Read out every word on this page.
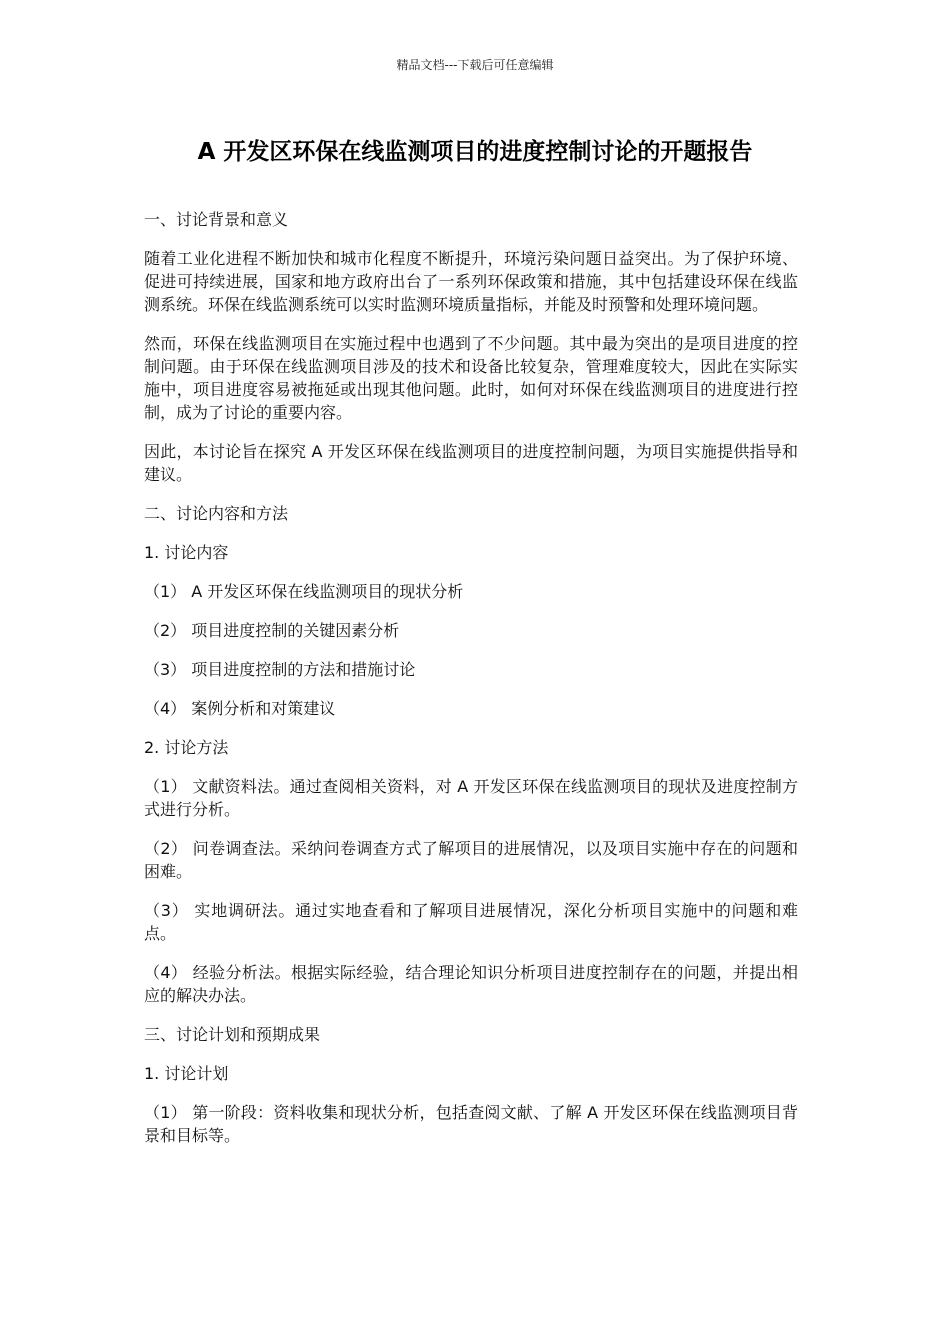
精品文档---下载后可任意编辑
A 开发区环保在线监测项目的进度控制讨论的开题报告

一、讨论背景和意义

随着工业化进程不断加快和城市化程度不断提升，环境污染问题日益突出。为了保护环境、促进可持续进展，国家和地方政府出台了一系列环保政策和措施，其中包括建设环保在线监测系统。环保在线监测系统可以实时监测环境质量指标，并能及时预警和处理环境问题。

然而，环保在线监测项目在实施过程中也遇到了不少问题。其中最为突出的是项目进度的控制问题。由于环保在线监测项目涉及的技术和设备比较复杂，管理难度较大，因此在实际实施中，项目进度容易被拖延或出现其他问题。此时，如何对环保在线监测项目的进度进行控制，成为了讨论的重要内容。

因此，本讨论旨在探究 A 开发区环保在线监测项目的进度控制问题，为项目实施提供指导和建议。

二、讨论内容和方法

1. 讨论内容

（1） A 开发区环保在线监测项目的现状分析

（2） 项目进度控制的关键因素分析

（3） 项目进度控制的方法和措施讨论

（4） 案例分析和对策建议

2. 讨论方法

（1） 文献资料法。通过查阅相关资料，对 A 开发区环保在线监测项目的现状及进度控制方式进行分析。

（2） 问卷调查法。采纳问卷调查方式了解项目的进展情况，以及项目实施中存在的问题和困难。

（3） 实地调研法。通过实地查看和了解项目进展情况，深化分析项目实施中的问题和难点。

（4） 经验分析法。根据实际经验，结合理论知识分析项目进度控制存在的问题，并提出相应的解决办法。

三、讨论计划和预期成果

1. 讨论计划

（1） 第一阶段：资料收集和现状分析，包括查阅文献、了解 A 开发区环保在线监测项目背景和目标等。
